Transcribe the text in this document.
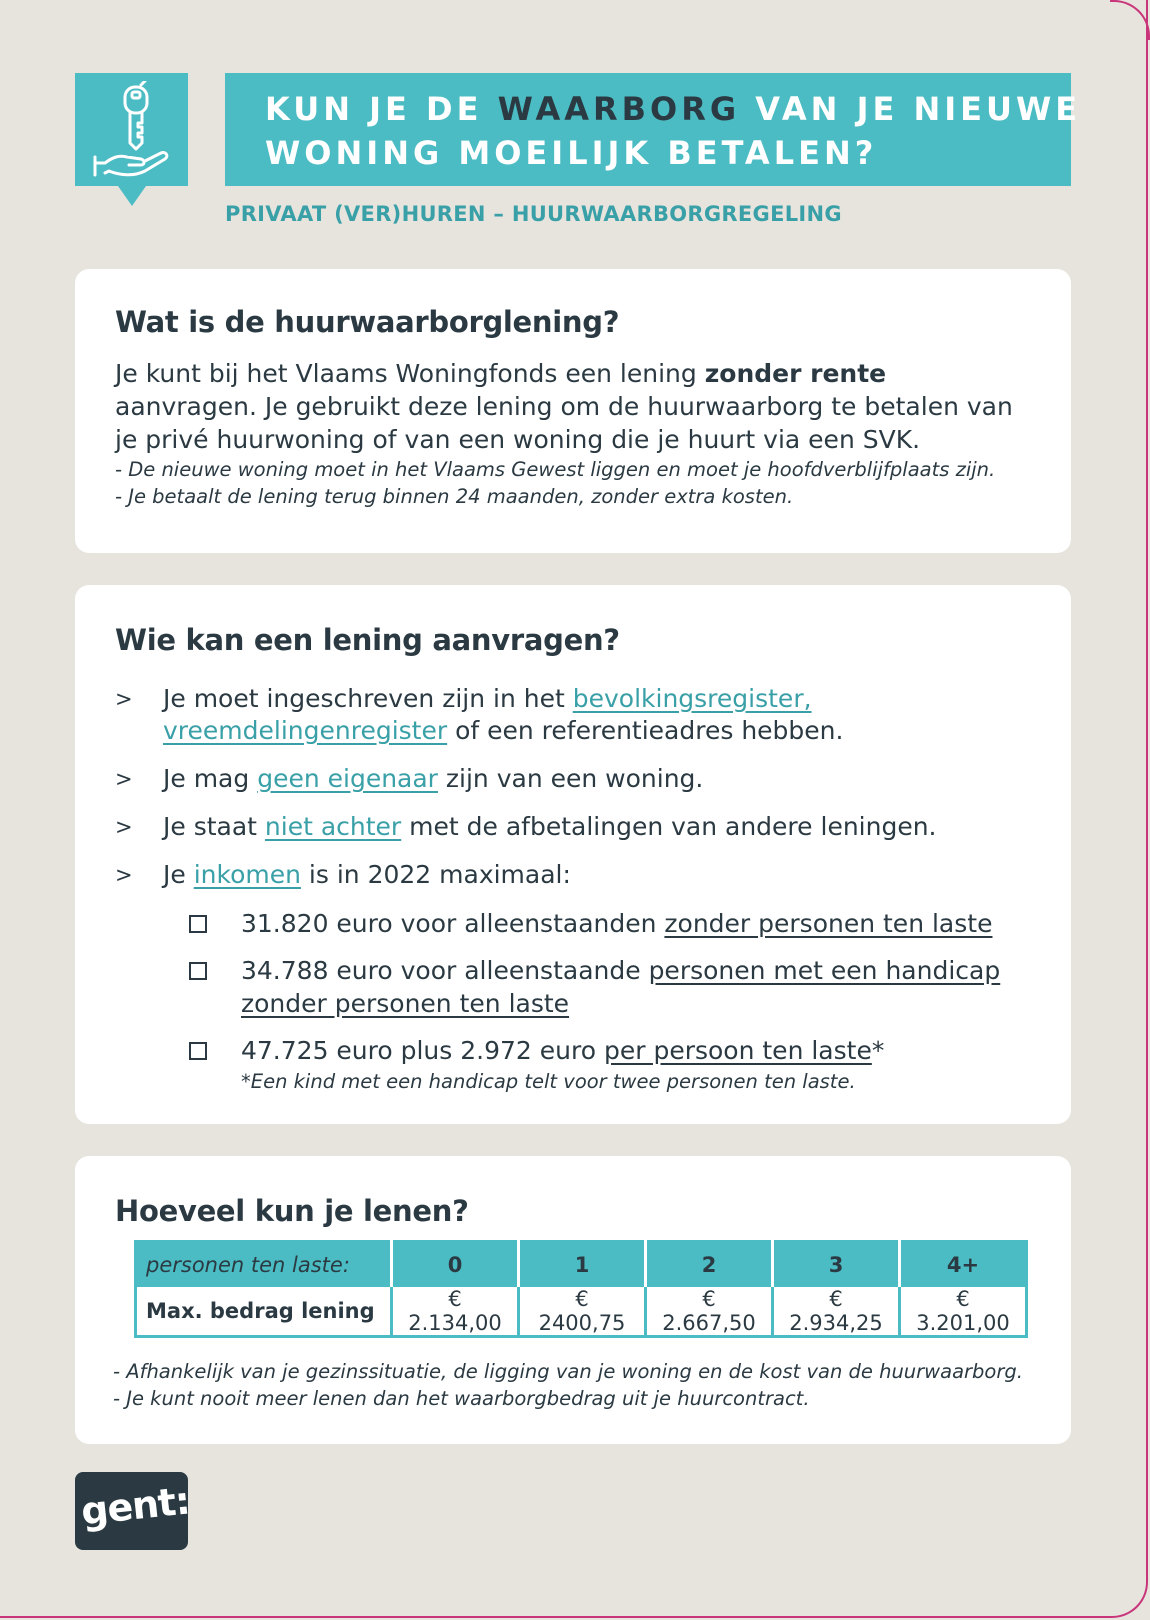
KUN JE DE WAARBORG VAN JE NIEUWE
WONING MOEILIJK BETALEN?
PRIVAAT (VER)HUREN – HUURWAARBORGREGELING
Wat is de huurwaarborglening?
Je kunt bij het Vlaams Woningfonds een lening zonder rente aanvragen. Je gebruikt deze lening om de huurwaarborg te betalen van je privé huurwoning of van een woning die je huurt via een SVK.
- De nieuwe woning moet in het Vlaams Gewest liggen en moet je hoofdverblijfplaats zijn.
- Je betaalt de lening terug binnen 24 maanden, zonder extra kosten.
Wie kan een lening aanvragen?
> Je moet ingeschreven zijn in het bevolkingsregister,
vreemdelingenregister of een referentieadres hebben.
> Je mag geen eigenaar zijn van een woning.
> Je staat niet achter met de afbetalingen van andere leningen.
> Je inkomen is in 2022 maximaal:
31.820 euro voor alleenstaanden zonder personen ten laste
34.788 euro voor alleenstaande personen met een handicap
zonder personen ten laste
47.725 euro plus 2.972 euro per persoon ten laste*
*Een kind met een handicap telt voor twee personen ten laste.
Hoeveel kun je lenen?
personen ten laste:	0	1	2	3	4+
Max. bedrag lening	€ 2.134,00	€ 2400,75	€ 2.667,50	€ 2.934,25	€ 3.201,00
- Afhankelijk van je gezinssituatie, de ligging van je woning en de kost van de huurwaarborg.
- Je kunt nooit meer lenen dan het waarborgbedrag uit je huurcontract.
gent:
